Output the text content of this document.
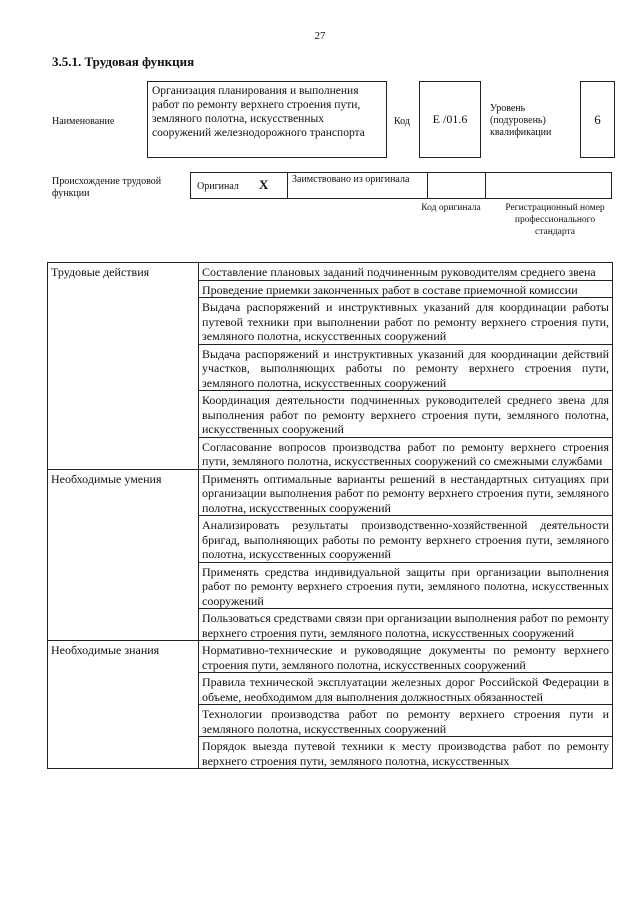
27
3.5.1. Трудовая функция
Наименование
Организация планирования и выполнения работ по ремонту верхнего строения пути, земляного полотна, искусственных сооружений железнодорожного транспорта
Код	E /01.6
Уровень (подуровень) квалификации
6
Происхождение трудовой функции
Оригинал X Заимствовано из оригинала
Код оригинала	Регистрационный номер профессионального стандарта
Трудовые действия	Составление плановых заданий подчиненным руководителям среднего звена
	Проведение приемки законченных работ в составе приемочной комиссии
	Выдача распоряжений и инструктивных указаний для координации работы путевой техники при выполнении работ по ремонту верхнего строения пути, земляного полотна, искусственных сооружений
	Выдача распоряжений и инструктивных указаний для координации действий участков, выполняющих работы по ремонту верхнего строения пути, земляного полотна, искусственных сооружений
	Координация деятельности подчиненных руководителей среднего звена для выполнения работ по ремонту верхнего строения пути, земляного полотна, искусственных сооружений
	Согласование вопросов производства работ по ремонту верхнего строения пути, земляного полотна, искусственных сооружений со смежными службами
Необходимые умения	Применять оптимальные варианты решений в нестандартных ситуациях при организации выполнения работ по ремонту верхнего строения пути, земляного полотна, искусственных сооружений
	Анализировать результаты производственно-хозяйственной деятельности бригад, выполняющих работы по ремонту верхнего строения пути, земляного полотна, искусственных сооружений
	Применять средства индивидуальной защиты при организации выполнения работ по ремонту верхнего строения пути, земляного полотна, искусственных сооружений
	Пользоваться средствами связи при организации выполнения работ по ремонту верхнего строения пути, земляного полотна, искусственных сооружений
Необходимые знания	Нормативно-технические и руководящие документы по ремонту верхнего строения пути, земляного полотна, искусственных сооружений
	Правила технической эксплуатации железных дорог Российской Федерации в объеме, необходимом для выполнения должностных обязанностей
	Технологии производства работ по ремонту верхнего строения пути и земляного полотна, искусственных сооружений
	Порядок выезда путевой техники к месту производства работ по ремонту верхнего строения пути, земляного полотна, искусственных
